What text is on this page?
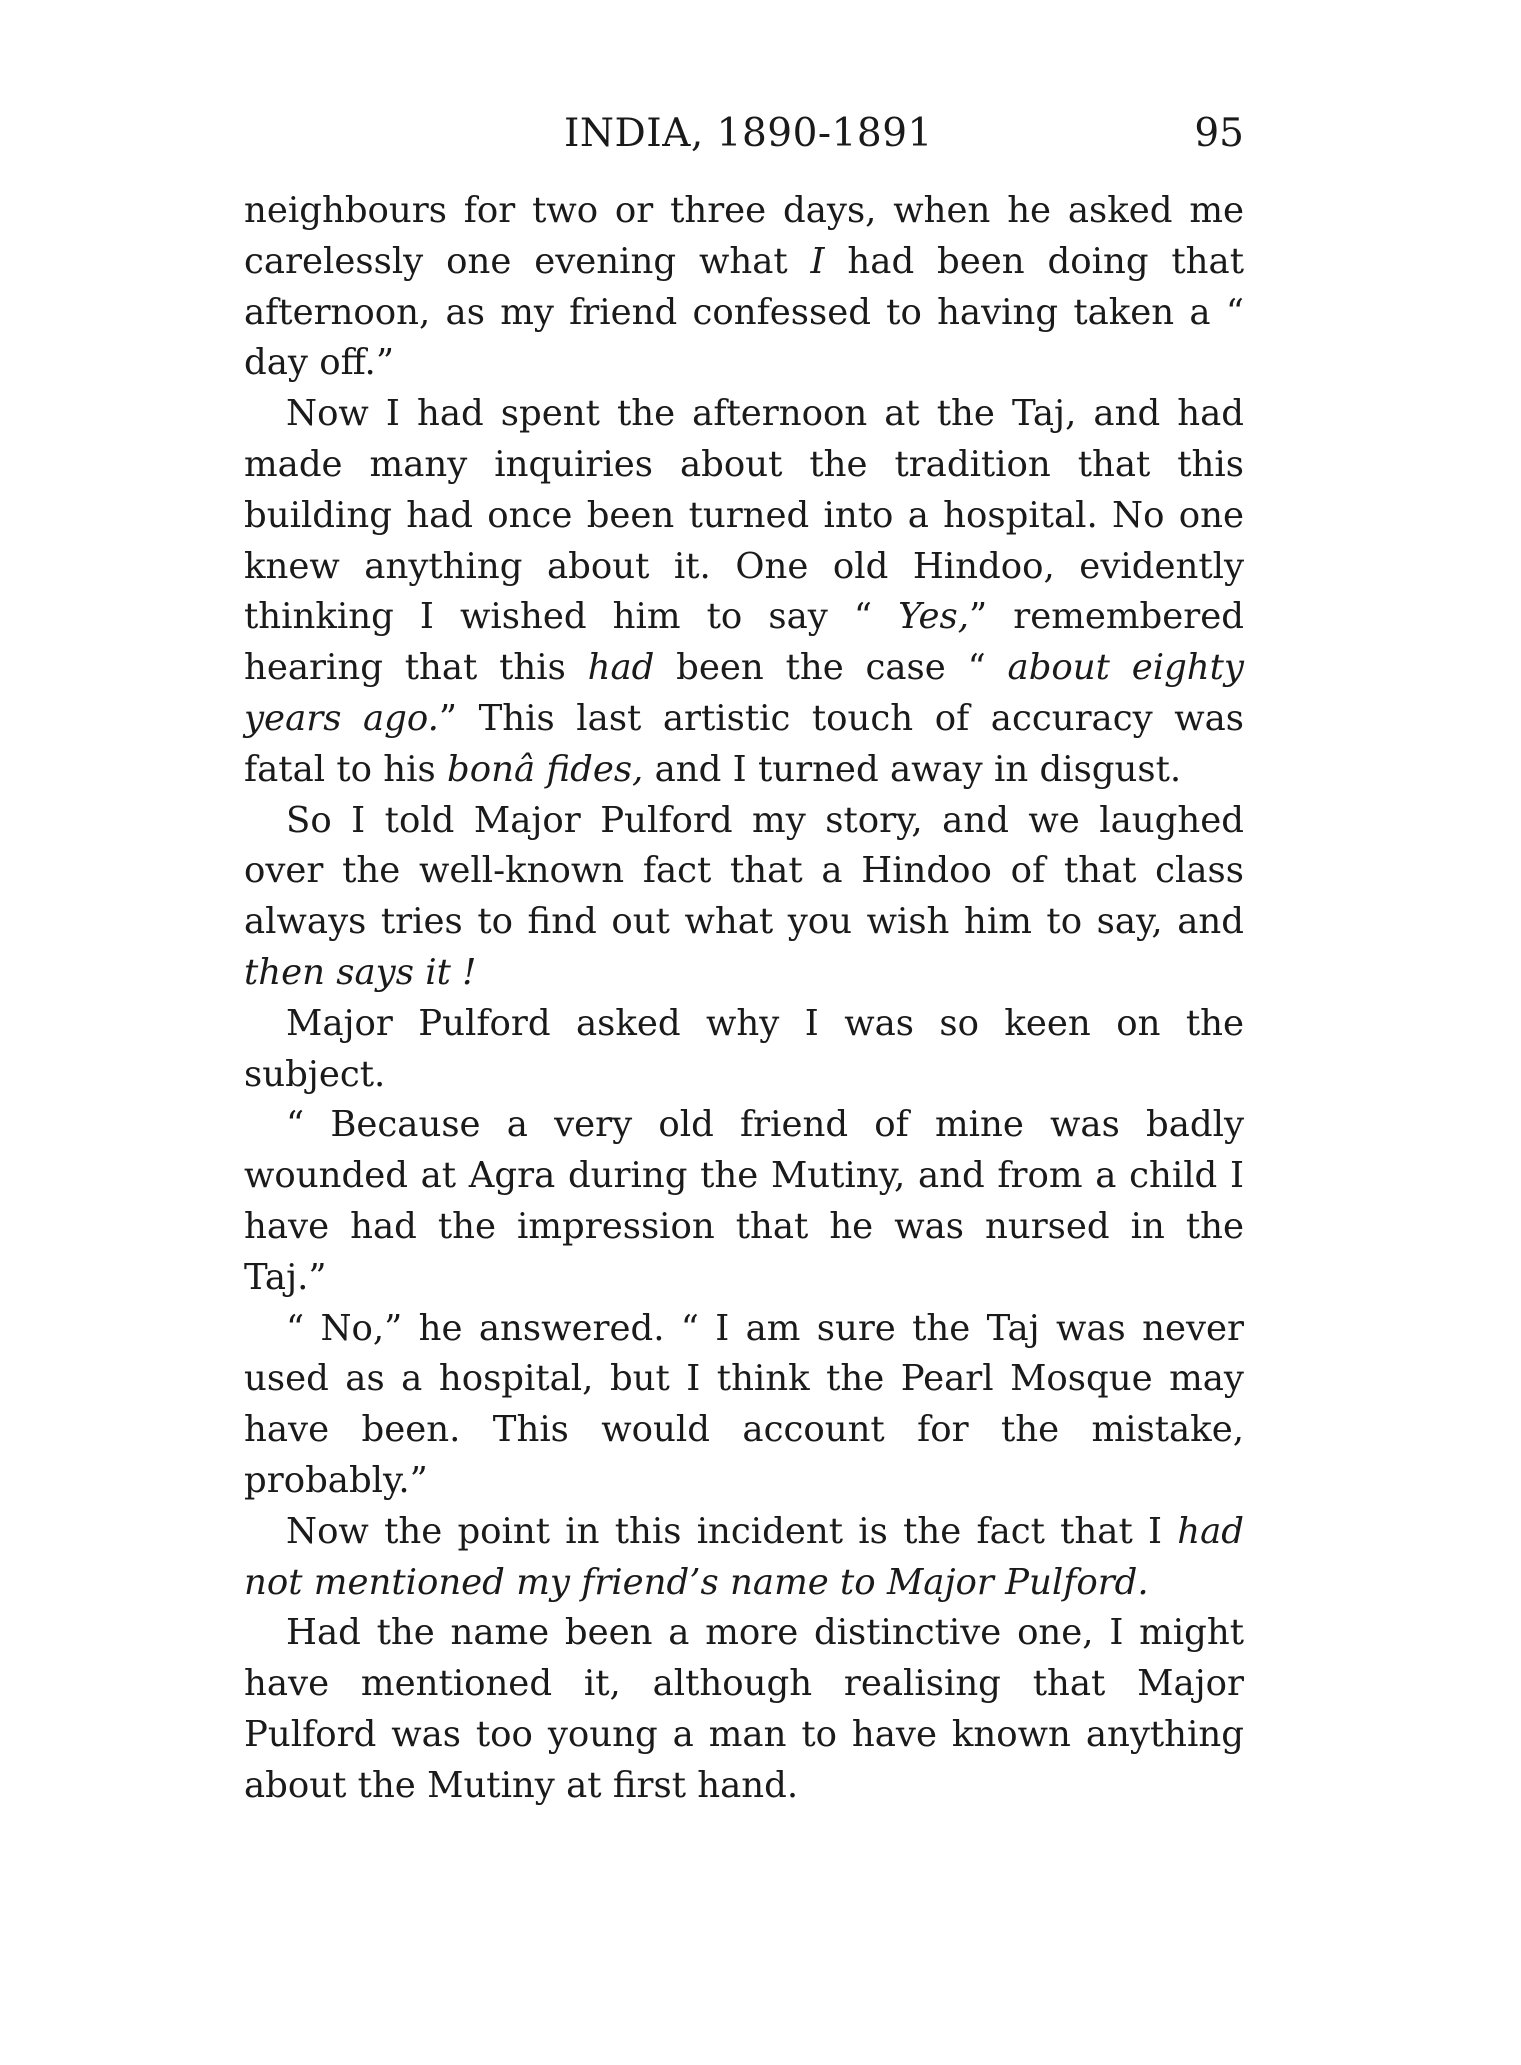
INDIA, 1890-1891	95

neighbours for two or three days, when he asked me carelessly one evening what I had been doing that afternoon, as my friend confessed to having taken a “ day off.”

Now I had spent the afternoon at the Taj, and had made many inquiries about the tradition that this building had once been turned into a hospital. No one knew anything about it. One old Hindoo, evidently thinking I wished him to say “ Yes,” remembered hearing that this had been the case “ about eighty years ago.” This last artistic touch of accuracy was fatal to his bonâ fides, and I turned away in disgust.

So I told Major Pulford my story, and we laughed over the well-known fact that a Hindoo of that class always tries to find out what you wish him to say, and then says it !

Major Pulford asked why I was so keen on the subject.

“ Because a very old friend of mine was badly wounded at Agra during the Mutiny, and from a child I have had the impression that he was nursed in the Taj.”

“ No,” he answered. “ I am sure the Taj was never used as a hospital, but I think the Pearl Mosque may have been. This would account for the mistake, probably.”

Now the point in this incident is the fact that I had not mentioned my friend’s name to Major Pulford.

Had the name been a more distinctive one, I might have mentioned it, although realising that Major Pulford was too young a man to have known anything about the Mutiny at first hand.
